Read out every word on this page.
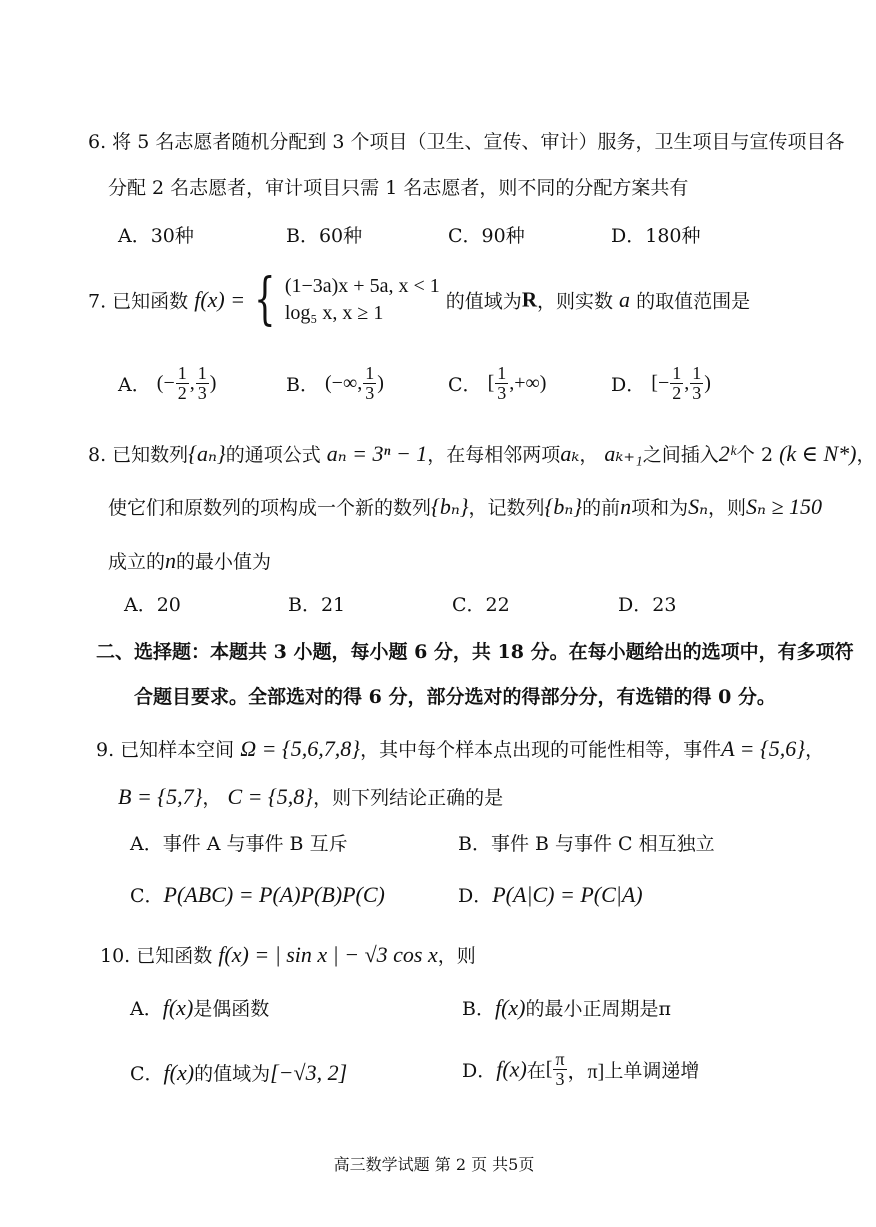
6. 将 5 名志愿者随机分配到 3 个项目（卫生、宣传、审计）服务，卫生项目与宣传项目各
分配 2 名志愿者，审计项目只需 1 名志愿者，则不同的分配方案共有
A．30种	B．60种	C．90种	D．180种
7. 已知函数 f(x) = { (1−3a)x + 5a, x < 1
log₅ x, x ≥ 1
的值域为R，则实数 a 的取值范围是
A． (− $\frac{1}{2}$ , $\frac{1}{3}$ )	B． (−∞, $\frac{1}{3}$ )	C． [ $\frac{1}{3}$ ,+∞)	D． [− $\frac{1}{2}$ , $\frac{1}{3}$ )
8. 已知数列{aₙ}的通项公式 aₙ = 3ⁿ − 1，在每相邻两项aₖ， aₖ₊₁之间插入2ᵏ个 2 (k ∈ N*)，
使它们和原数列的项构成一个新的数列{bₙ}，记数列{bₙ}的前n项和为Sₙ，则Sₙ ≥ 150
成立的n的最小值为
A．20	B．21	C．22	D．23
二、选择题：本题共 3 小题，每小题 6 分，共 18 分。在每小题给出的选项中，有多项符
合题目要求。全部选对的得 6 分，部分选对的得部分分，有选错的得 0 分。
9. 已知样本空间 Ω = {5,6,7,8}，其中每个样本点出现的可能性相等，事件A = {5,6}，
B = {5,7}， C = {5,8}，则下列结论正确的是
A．事件 A 与事件 B 互斥	B．事件 B 与事件 C 相互独立
C．P(ABC) = P(A)P(B)P(C)	D．P(A|C) = P(C|A)
10. 已知函数 f(x) = | sin x | − √3 cos x，则
A．f(x)是偶函数	B．f(x)的最小正周期是π
C．f(x)的值域为[−√3, 2]	D．f(x)在[ $\frac{\pi}{3}$ ，π]上单调递增
高三数学试题 第 2 页 共5页
